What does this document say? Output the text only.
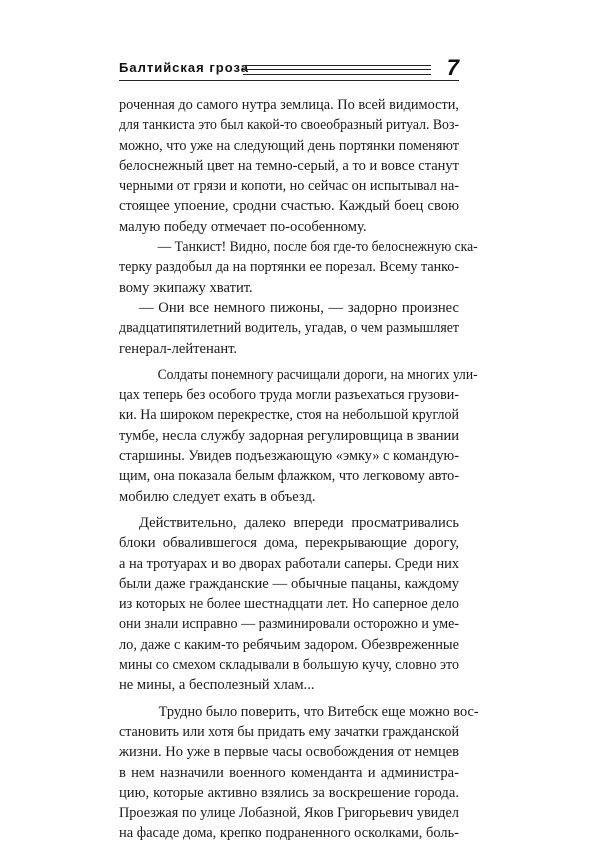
Балтийская гроза	7
роченная до самого нутра землица. По всей видимости,
для танкиста это был какой-то своеобразный ритуал. Воз-
можно, что уже на следующий день портянки поменяют
белоснежный цвет на темно-серый, а то и вовсе станут
черными от грязи и копоти, но сейчас он испытывал на-
стоящее упоение, сродни счастью. Каждый боец свою
малую победу отмечает по-особенному.
— Танкист! Видно, после боя где-то белоснежную ска-
терку раздобыл да на портянки ее порезал. Всему танко-
вому экипажу хватит.
— Они все немного пижоны, — задорно произнес
двадцатипятилетний водитель, угадав, о чем размышляет
генерал-лейтенант.
Солдаты понемногу расчищали дороги, на многих ули-
цах теперь без особого труда могли разъехаться грузови-
ки. На широком перекрестке, стоя на небольшой круглой
тумбе, несла службу задорная регулировщица в звании
старшины. Увидев подъезжающую «эмку» с командую-
щим, она показала белым флажком, что легковому авто-
мобилю следует ехать в объезд.
Действительно, далеко впереди просматривались
блоки обвалившегося дома, перекрывающие дорогу,
а на тротуарах и во дворах работали саперы. Среди них
были даже гражданские — обычные пацаны, каждому
из которых не более шестнадцати лет. Но саперное дело
они знали исправно — разминировали осторожно и уме-
ло, даже с каким-то ребячьим задором. Обезвреженные
мины со смехом складывали в большую кучу, словно это
не мины, а бесполезный хлам...
Трудно было поверить, что Витебск еще можно вос-
становить или хотя бы придать ему зачатки гражданской
жизни. Но уже в первые часы освобождения от немцев
в нем назначили военного коменданта и администра-
цию, которые активно взялись за воскрешение города.
Проезжая по улице Лобазной, Яков Григорьевич увидел
на фасаде дома, крепко подраненного осколками, боль-
